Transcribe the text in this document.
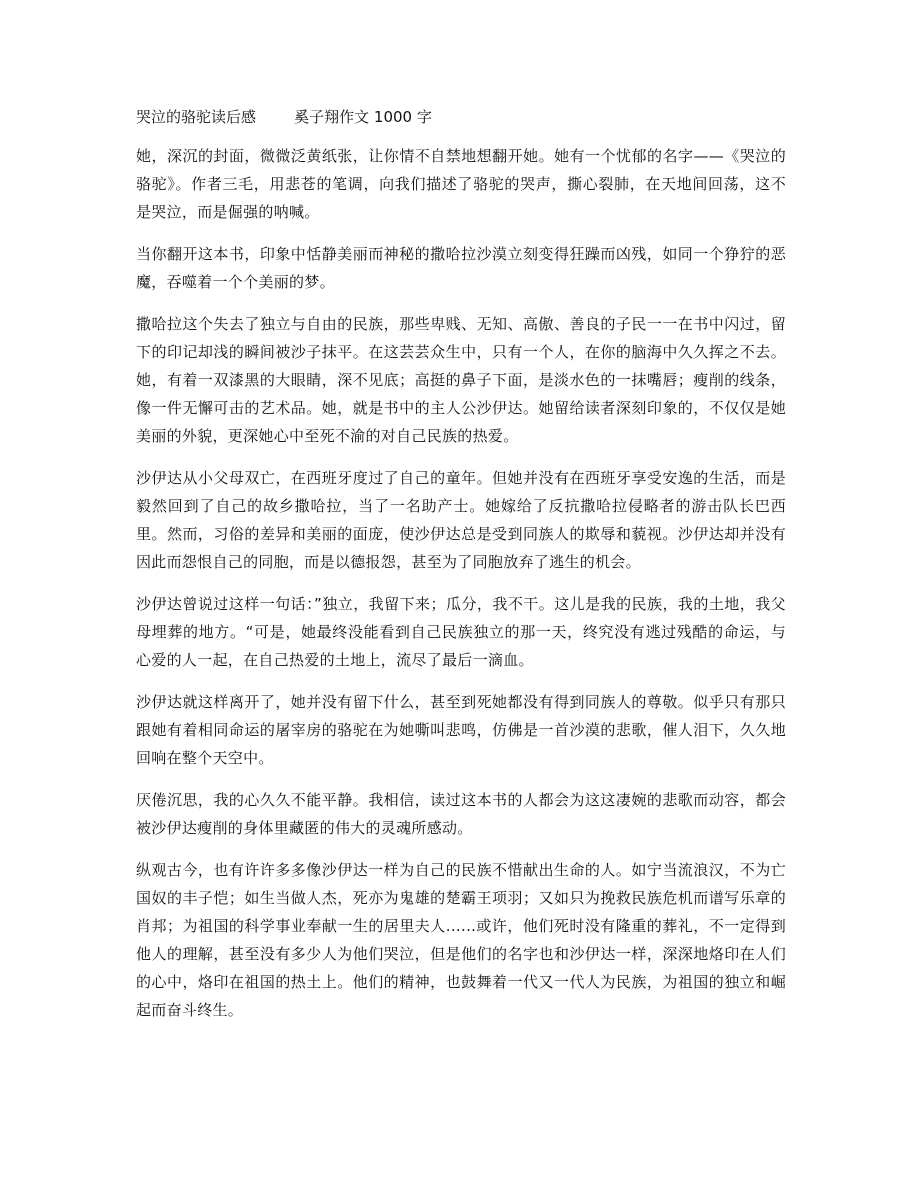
哭泣的骆驼读后感        奚子翔作文 1000 字

她，深沉的封面，微微泛黄纸张，让你情不自禁地想翻开她。她有一个忧郁的名字——《哭泣的骆驼》。作者三毛，用悲苍的笔调，向我们描述了骆驼的哭声，撕心裂肺，在天地间回荡，这不是哭泣，而是倔强的呐喊。

当你翻开这本书，印象中恬静美丽而神秘的撒哈拉沙漠立刻变得狂躁而凶残，如同一个狰狞的恶魔，吞噬着一个个美丽的梦。

撒哈拉这个失去了独立与自由的民族，那些卑贱、无知、高傲、善良的子民一一在书中闪过，留下的印记却浅的瞬间被沙子抹平。在这芸芸众生中，只有一个人，在你的脑海中久久挥之不去。她，有着一双漆黑的大眼睛，深不见底；高挺的鼻子下面，是淡水色的一抹嘴唇；瘦削的线条，像一件无懈可击的艺术品。她，就是书中的主人公沙伊达。她留给读者深刻印象的，不仅仅是她美丽的外貌，更深她心中至死不渝的对自己民族的热爱。

沙伊达从小父母双亡，在西班牙度过了自己的童年。但她并没有在西班牙享受安逸的生活，而是毅然回到了自己的故乡撒哈拉，当了一名助产士。她嫁给了反抗撒哈拉侵略者的游击队长巴西里。然而，习俗的差异和美丽的面庞，使沙伊达总是受到同族人的欺辱和藐视。沙伊达却并没有因此而怨恨自己的同胞，而是以德报怨，甚至为了同胞放弃了逃生的机会。

沙伊达曾说过这样一句话：”独立，我留下来；瓜分，我不干。这儿是我的民族，我的土地，我父母埋葬的地方。“可是，她最终没能看到自己民族独立的那一天，终究没有逃过残酷的命运，与心爱的人一起，在自己热爱的土地上，流尽了最后一滴血。

沙伊达就这样离开了，她并没有留下什么，甚至到死她都没有得到同族人的尊敬。似乎只有那只跟她有着相同命运的屠宰房的骆驼在为她嘶叫悲鸣，仿佛是一首沙漠的悲歌，催人泪下，久久地回响在整个天空中。

厌倦沉思，我的心久久不能平静。我相信，读过这本书的人都会为这这凄婉的悲歌而动容，都会被沙伊达瘦削的身体里藏匿的伟大的灵魂所感动。

纵观古今，也有许许多多像沙伊达一样为自己的民族不惜献出生命的人。如宁当流浪汉，不为亡国奴的丰子恺；如生当做人杰，死亦为鬼雄的楚霸王项羽；又如只为挽救民族危机而谱写乐章的肖邦；为祖国的科学事业奉献一生的居里夫人......或许，他们死时没有隆重的葬礼，不一定得到他人的理解，甚至没有多少人为他们哭泣，但是他们的名字也和沙伊达一样，深深地烙印在人们的心中，烙印在祖国的热土上。他们的精神，也鼓舞着一代又一代人为民族，为祖国的独立和崛起而奋斗终生。
